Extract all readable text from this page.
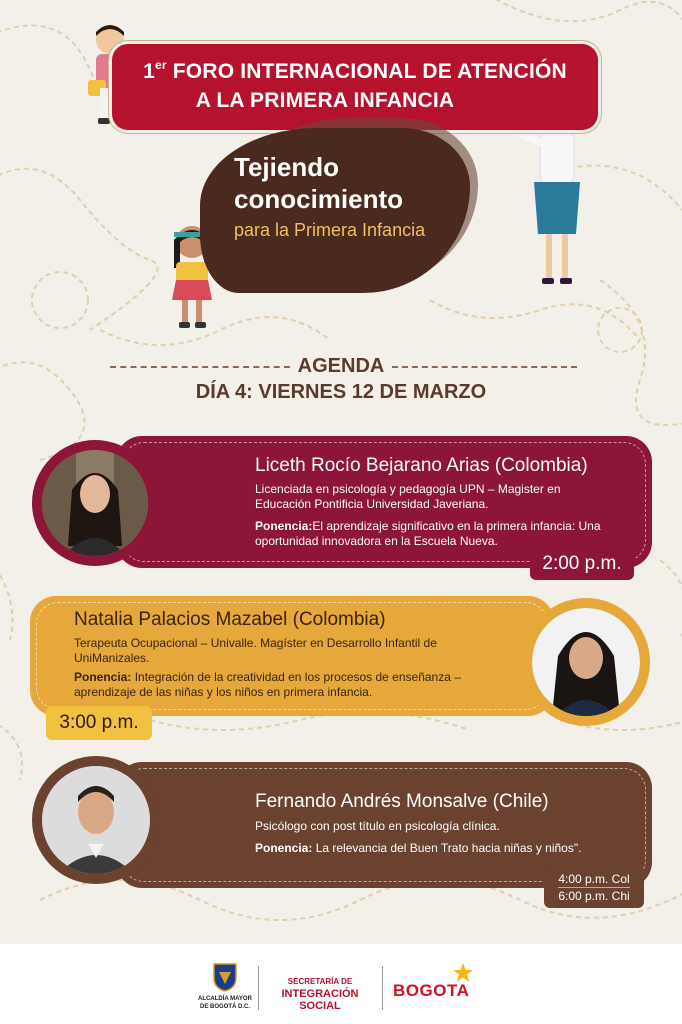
1er FORO INTERNACIONAL DE ATENCIÓN
A LA PRIMERA INFANCIA
Tejiendo
conocimiento
para la Primera Infancia
AGENDA
DÍA 4: VIERNES 12 DE MARZO
Liceth Rocío Bejarano Arias (Colombia)
Licenciada en psicología y pedagogía UPN – Magister en Educación Pontificia Universidad Javeriana.
Ponencia:El aprendizaje significativo en la primera infancia: Una oportunidad innovadora en la Escuela Nueva.
2:00 p.m.
Natalia Palacios Mazabel (Colombia)
Terapeuta Ocupacional – Univalle. Magíster en Desarrollo Infantil de UniManizales.
Ponencia: Integración de la creatividad en los procesos de enseñanza – aprendizaje de las niñas y los niños en primera infancia.
3:00 p.m.
Fernando Andrés Monsalve (Chile)
Psicólogo con post título en psicología clínica.
Ponencia: La relevancia del Buen Trato hacia niñas y niños".
4:00 p.m. Col
6:00 p.m. Chi
ALCALDÍA MAYOR
DE BOGOTÁ D.C.
SECRETARÍA DE
INTEGRACIÓN SOCIAL
BOGOTA
